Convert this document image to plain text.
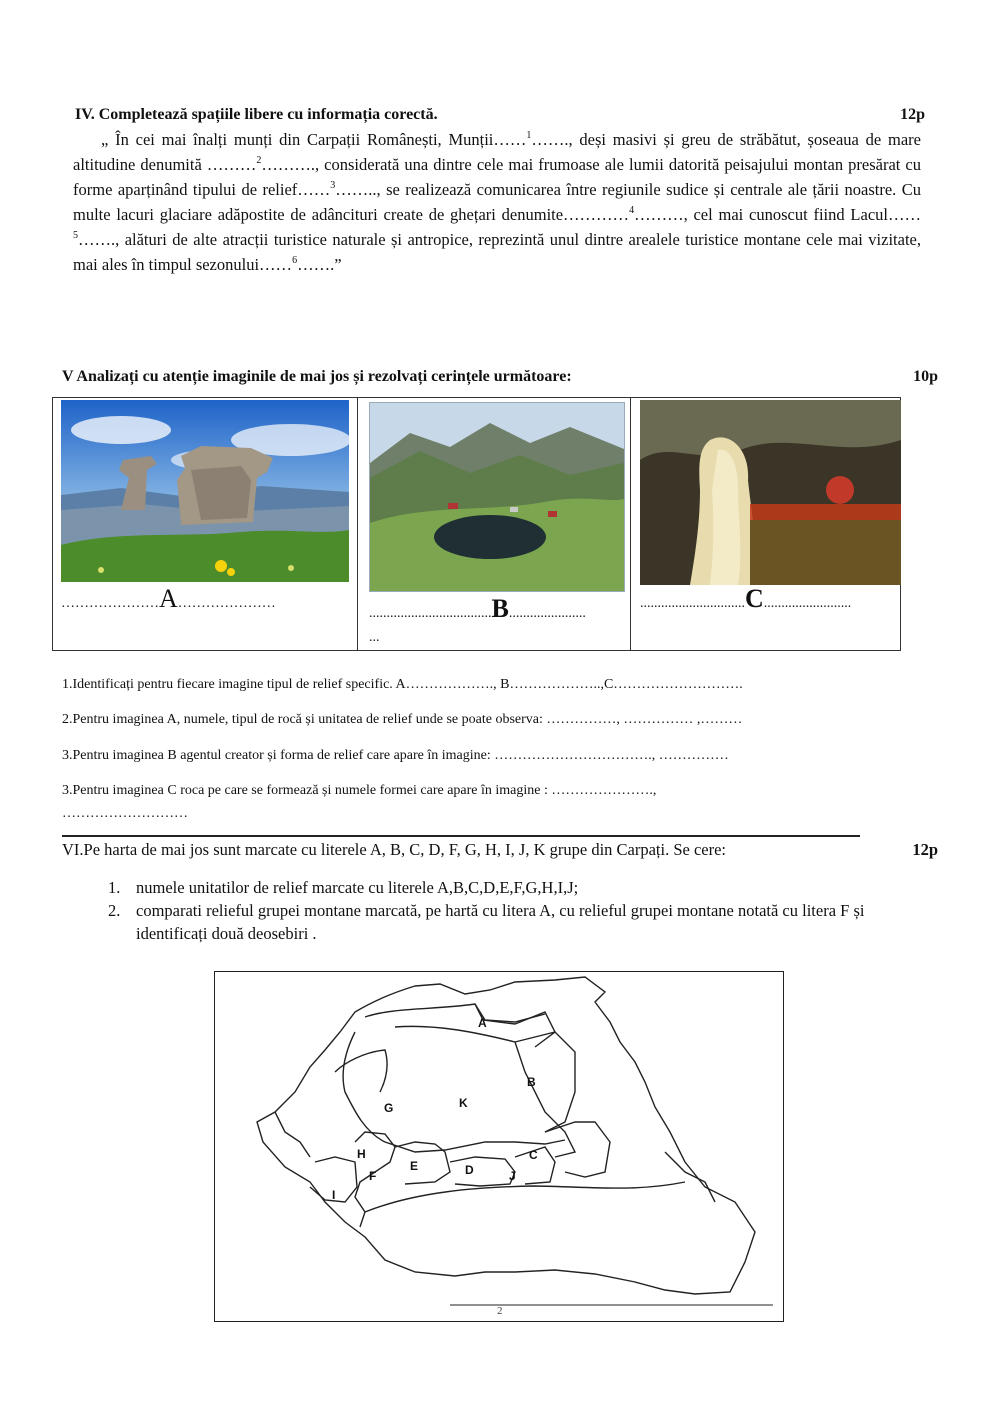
IV. Completează spațiile libere cu informația corectă.	12p
„ În cei mai înalți munți din Carpații Românești, Munții……$^1$……., deși masivi și greu de străbătut, șoseaua de mare altitudine denumită ………$^2$………., considerată una dintre cele mai frumoase ale lumii datorită peisajului montan presărat cu forme aparținând tipului de relief……$^3$…….., se realizează comunicarea între regiunile sudice și centrale ale țării noastre. Cu multe lacuri glaciare adăpostite de adâncituri create de ghețari denumite…………$^4$………, cel mai cunoscut fiind Lacul……$^5$……., alături de alte atracții turistice naturale și antropice, reprezintă unul dintre arealele turistice montane cele mai vizitate, mai ales în timpul sezonului……$^6$…….”
V Analizați cu atenție imaginile de mai jos și rezolvați cerințele următoare:	10p
…………………A…………………
...................................B......................
...
..............................C.........................
1.Identificați pentru fiecare imagine tipul de relief specific. A………………., B………………..,C……………………….
2.Pentru imaginea A, numele, tipul de rocă și unitatea de relief unde se poate observa: ……………, …………… ,………
3.Pentru imaginea B agentul creator și forma de relief care apare în imagine: ……………………………., ……………
3.Pentru imaginea C roca pe care se formează și numele formei care apare în imagine : ………………….,
………………………
VI.Pe harta de mai jos sunt marcate cu literele A, B, C, D, F, G, H, I, J, K grupe din Carpați. Se cere:	12p
1. numele unitatilor de relief marcate cu literele A,B,C,D,E,F,G,H,I,J;
2. comparati relieful grupei montane marcată, pe hartă cu litera A, cu relieful grupei montane notată cu litera F și identificați două deosebiri .
A
B
K
G
H
E
F	D
C
J
I
2
